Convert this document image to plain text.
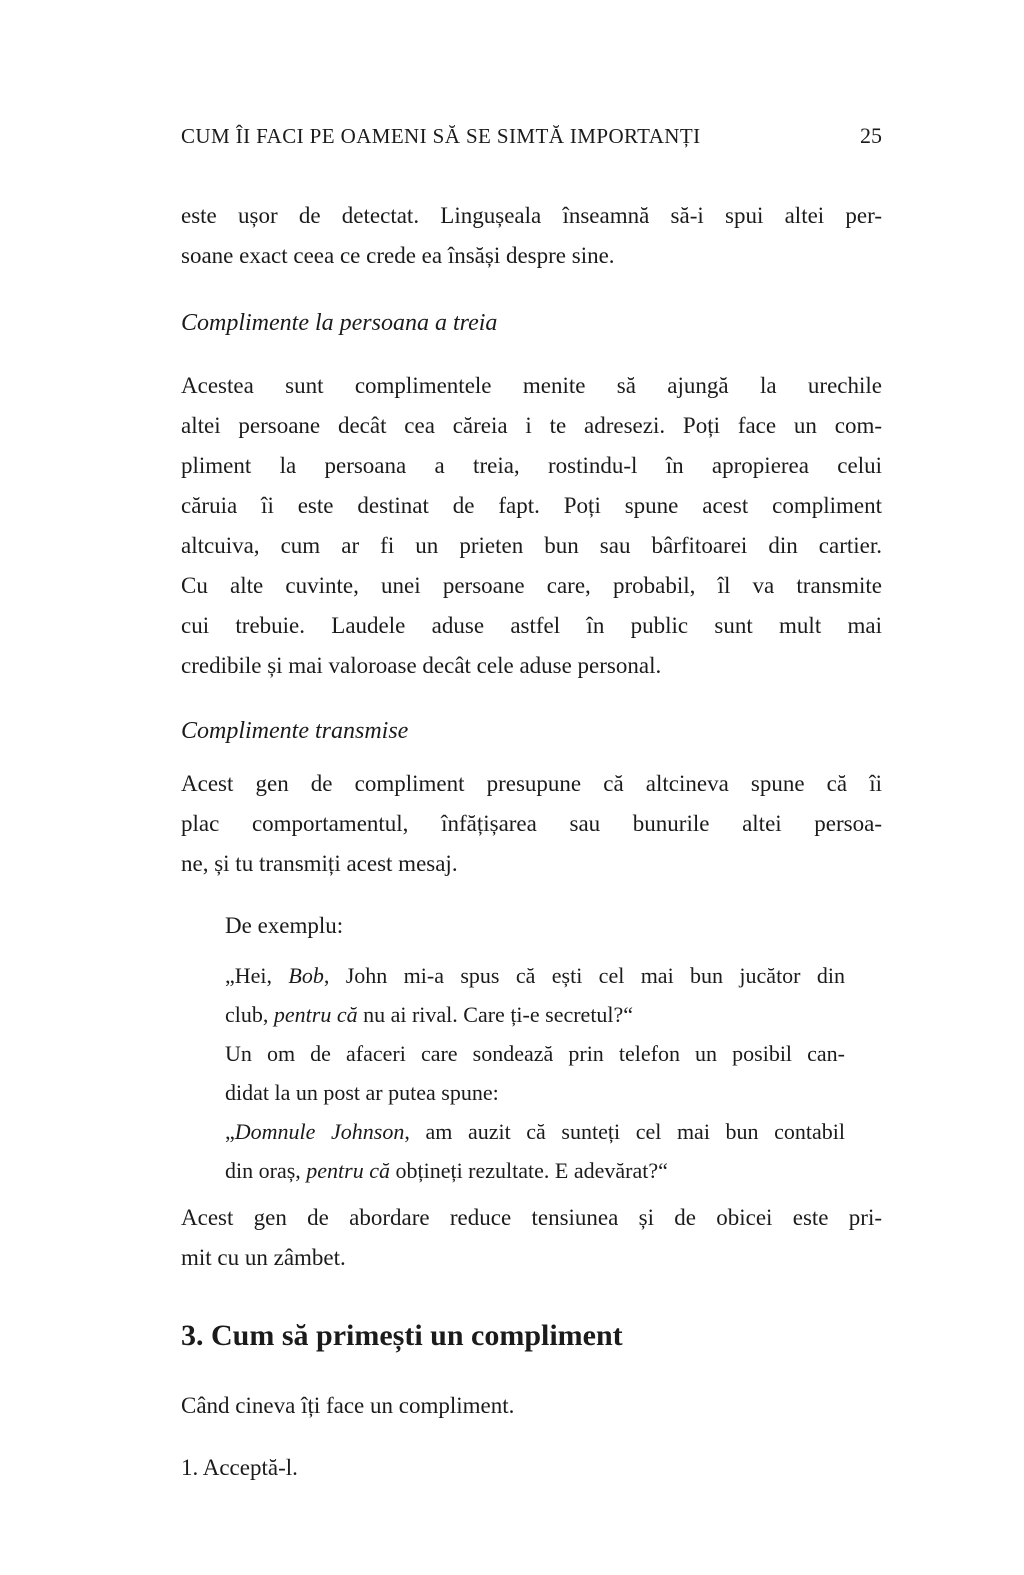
CUM ÎI FACI PE OAMENI SĂ SE SIMTĂ IMPORTANȚI	25
este ușor de detectat. Lingușeala înseamnă să-i spui altei per-
soane exact ceea ce crede ea însăși despre sine.
Complimente la persoana a treia
Acestea sunt complimentele menite să ajungă la urechile
altei persoane decât cea căreia i te adresezi. Poți face un com-
pliment la persoana a treia, rostindu-l în apropierea celui
căruia îi este destinat de fapt. Poți spune acest compliment
altcuiva, cum ar fi un prieten bun sau bârfitoarei din cartier.
Cu alte cuvinte, unei persoane care, probabil, îl va transmite
cui trebuie. Laudele aduse astfel în public sunt mult mai
credibile și mai valoroase decât cele aduse personal.
Complimente transmise
Acest gen de compliment presupune că altcineva spune că îi
plac comportamentul, înfățișarea sau bunurile altei persoa-
ne, și tu transmiți acest mesaj.
De exemplu:
„Hei, Bob, John mi-a spus că ești cel mai bun jucător din
club, pentru că nu ai rival. Care ți-e secretul?“
Un om de afaceri care sondează prin telefon un posibil can-
didat la un post ar putea spune:
„Domnule Johnson, am auzit că sunteți cel mai bun contabil
din oraș, pentru că obțineți rezultate. E adevărat?“
Acest gen de abordare reduce tensiunea și de obicei este pri-
mit cu un zâmbet.
3. Cum să primești un compliment
Când cineva îți face un compliment.
1. Acceptă-l.
